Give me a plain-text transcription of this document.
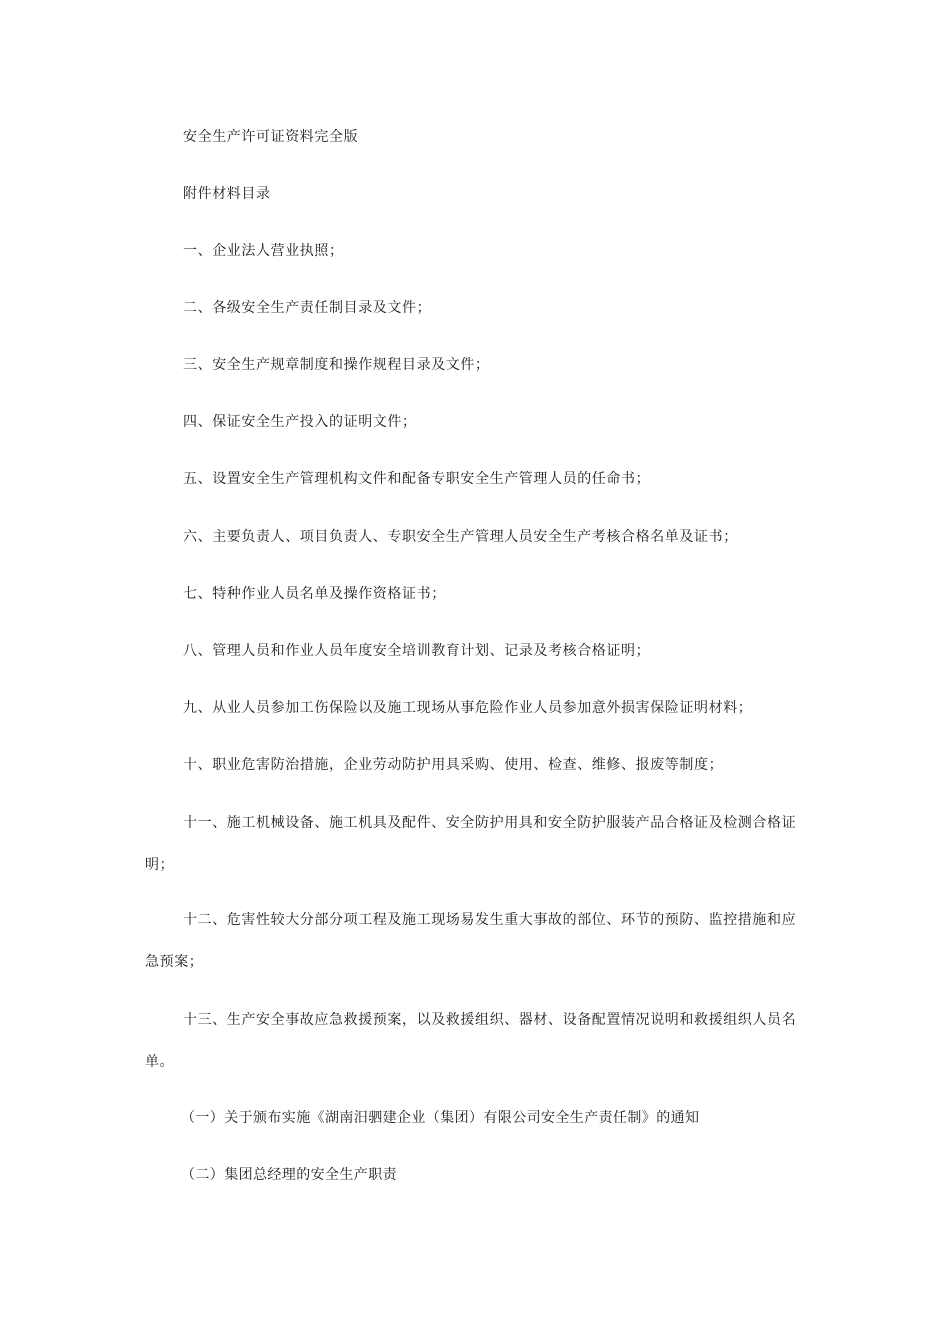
安全生产许可证资料完全版
附件材料目录
一、企业法人营业执照；
二、各级安全生产责任制目录及文件；
三、安全生产规章制度和操作规程目录及文件；
四、保证安全生产投入的证明文件；
五、设置安全生产管理机构文件和配备专职安全生产管理人员的任命书；
六、主要负责人、项目负责人、专职安全生产管理人员安全生产考核合格名单及证书；
七、特种作业人员名单及操作资格证书；
八、管理人员和作业人员年度安全培训教育计划、记录及考核合格证明；
九、从业人员参加工伤保险以及施工现场从事危险作业人员参加意外损害保险证明材料；
十、职业危害防治措施，企业劳动防护用具采购、使用、检查、维修、报废等制度；
十一、施工机械设备、施工机具及配件、安全防护用具和安全防护服装产品合格证及检测合格证明；
十二、危害性较大分部分项工程及施工现场易发生重大事故的部位、环节的预防、监控措施和应急预案；
十三、生产安全事故应急救援预案，以及救援组织、器材、设备配置情况说明和救援组织人员名单。
（一）关于颁布实施《湖南汨驷建企业（集团）有限公司安全生产责任制》的通知
（二）集团总经理的安全生产职责
